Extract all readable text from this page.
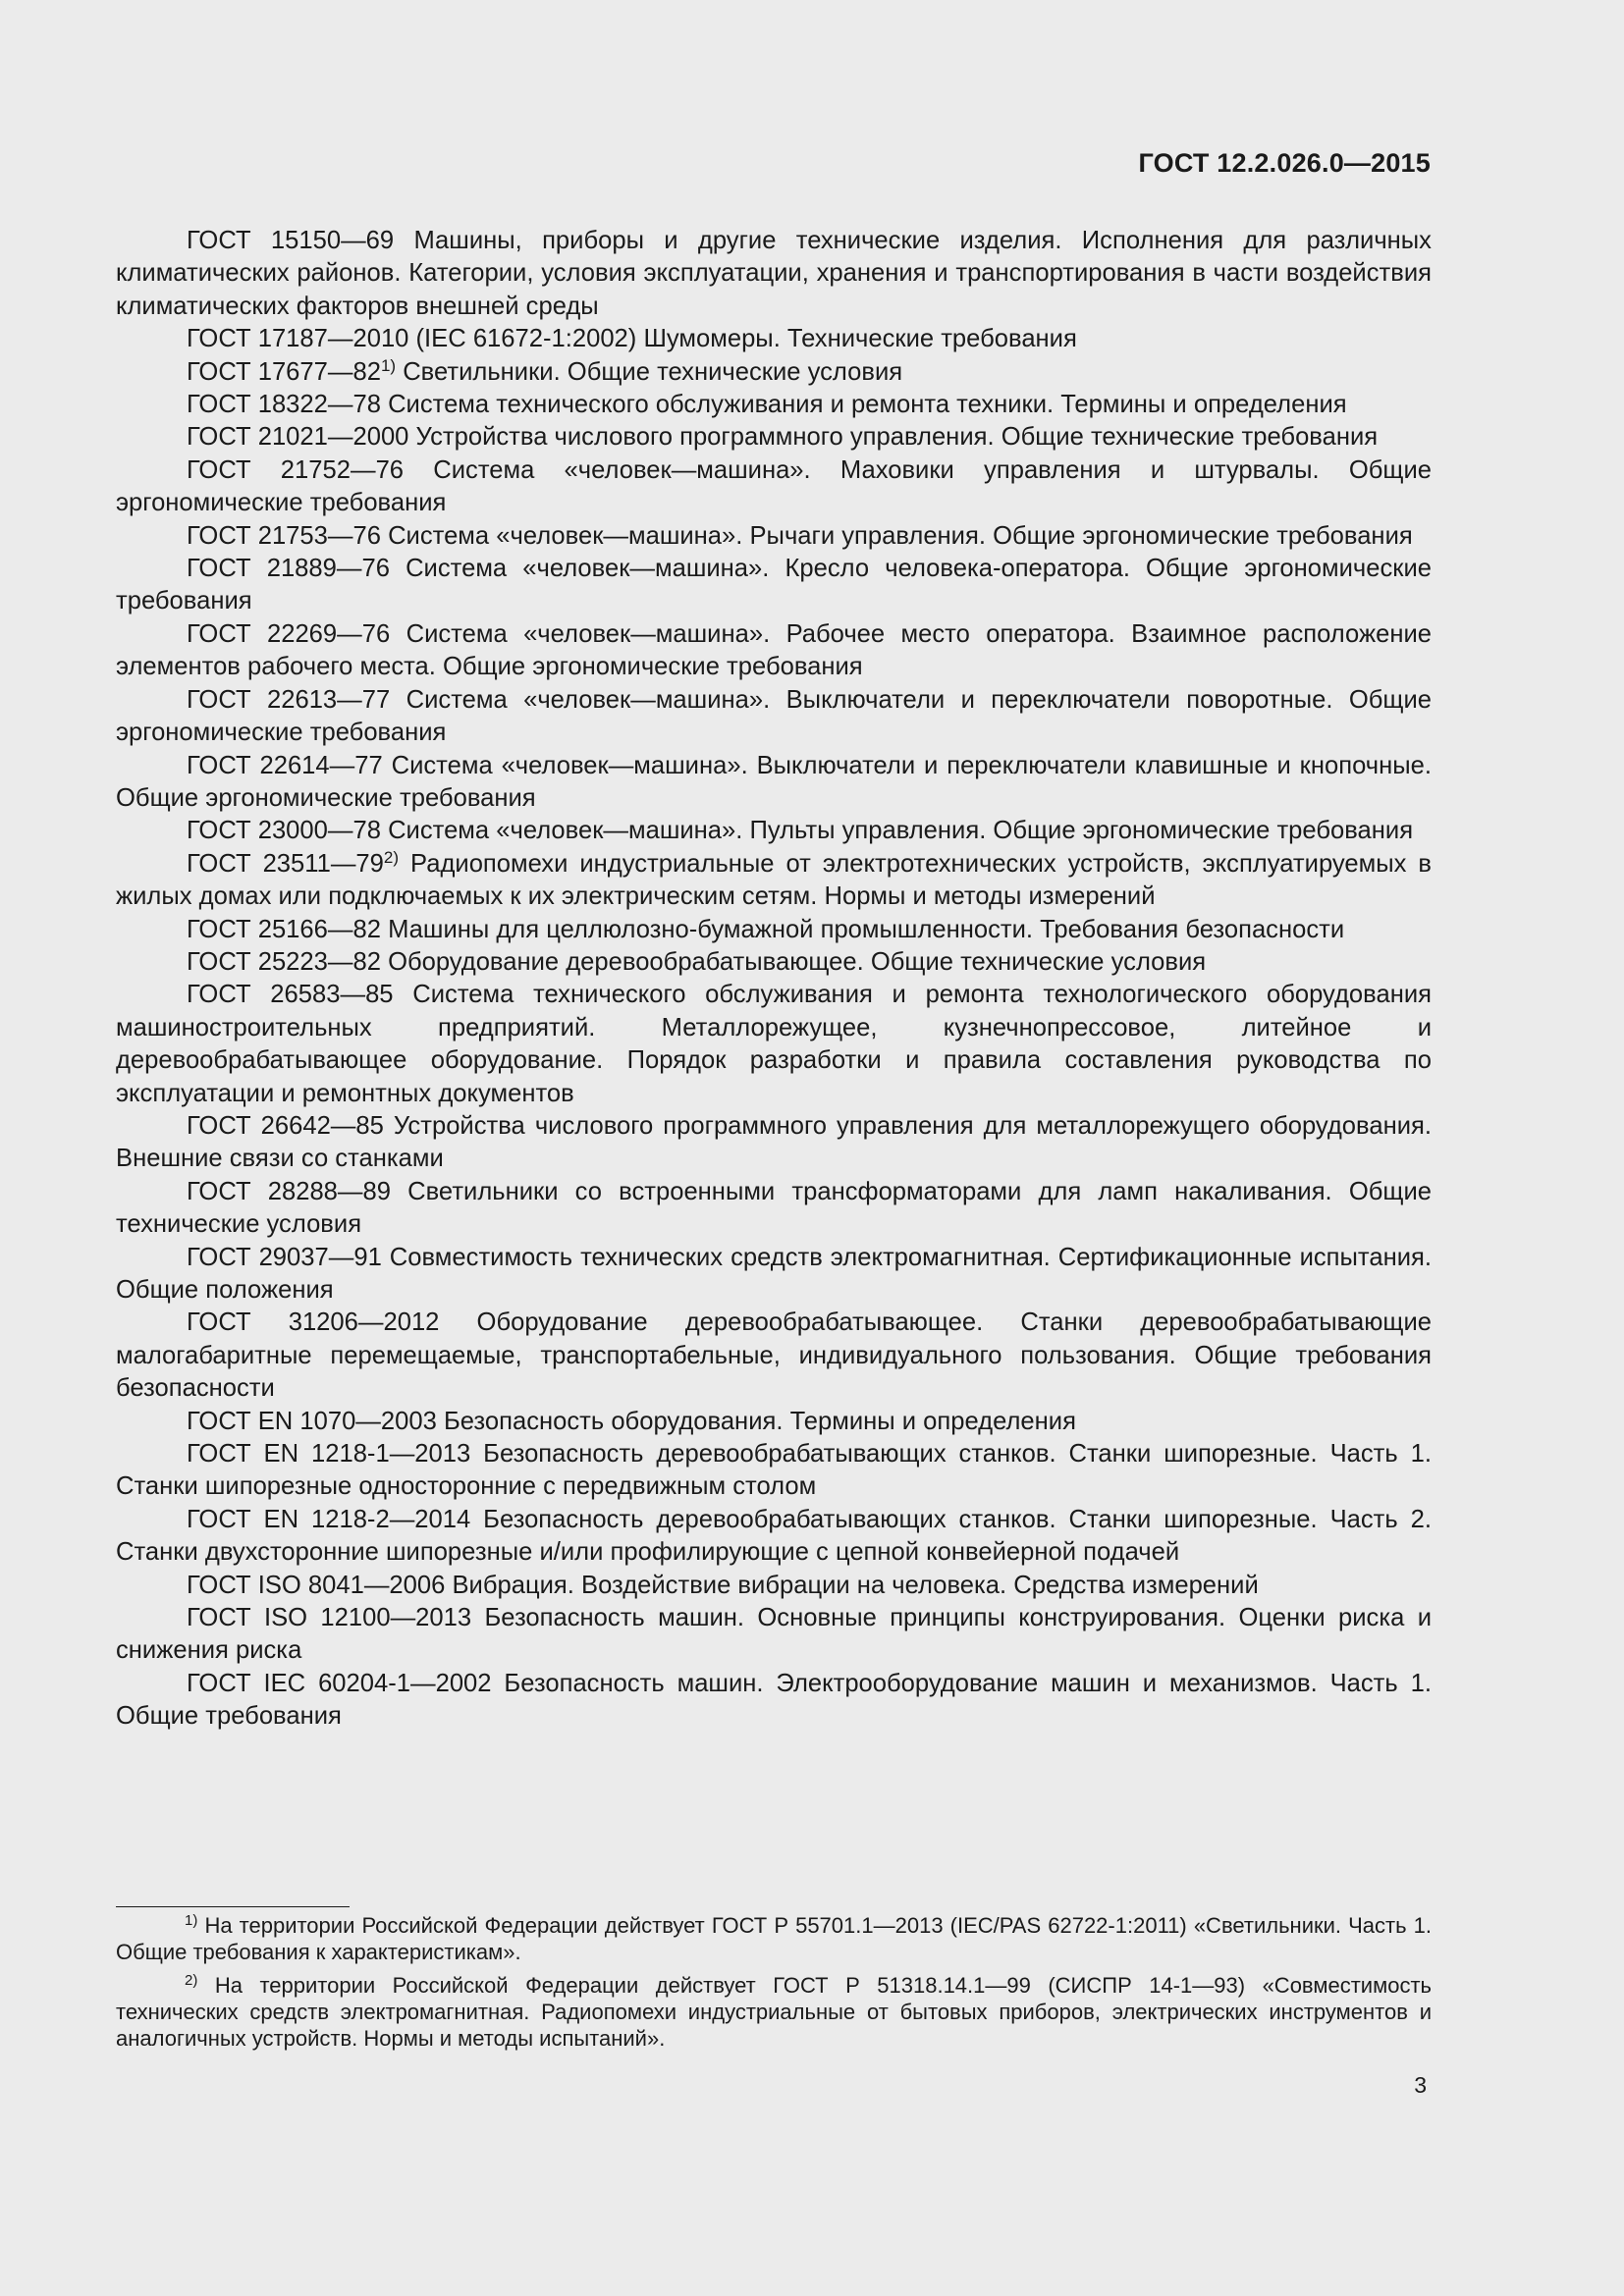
ГОСТ 12.2.026.0—2015

ГОСТ 15150—69 Машины, приборы и другие технические изделия. Исполнения для различных климатических районов. Категории, условия эксплуатации, хранения и транспортирования в части воздействия климатических факторов внешней среды

ГОСТ 17187—2010 (IEC 61672-1:2002) Шумомеры. Технические требования

ГОСТ 17677—82$^{1)}$ Светильники. Общие технические условия

ГОСТ 18322—78 Система технического обслуживания и ремонта техники. Термины и определения

ГОСТ 21021—2000 Устройства числового программного управления. Общие технические требования

ГОСТ 21752—76 Система «человек—машина». Маховики управления и штурвалы. Общие эргономические требования

ГОСТ 21753—76 Система «человек—машина». Рычаги управления. Общие эргономические требования

ГОСТ 21889—76 Система «человек—машина». Кресло человека-оператора. Общие эргономические требования

ГОСТ 22269—76 Система «человек—машина». Рабочее место оператора. Взаимное расположение элементов рабочего места. Общие эргономические требования

ГОСТ 22613—77 Система «человек—машина». Выключатели и переключатели поворотные. Общие эргономические требования

ГОСТ 22614—77 Система «человек—машина». Выключатели и переключатели клавишные и кнопочные. Общие эргономические требования

ГОСТ 23000—78 Система «человек—машина». Пульты управления. Общие эргономические требования

ГОСТ 23511—79$^{2)}$ Радиопомехи индустриальные от электротехнических устройств, эксплуатируемых в жилых домах или подключаемых к их электрическим сетям. Нормы и методы измерений

ГОСТ 25166—82 Машины для целлюлозно-бумажной промышленности. Требования безопасности

ГОСТ 25223—82 Оборудование деревообрабатывающее. Общие технические условия

ГОСТ 26583—85 Система технического обслуживания и ремонта технологического оборудования машиностроительных предприятий. Металлорежущее, кузнечнопрессовое, литейное и деревообрабатывающее оборудование. Порядок разработки и правила составления руководства по эксплуатации и ремонтных документов

ГОСТ 26642—85 Устройства числового программного управления для металлорежущего оборудования. Внешние связи со станками

ГОСТ 28288—89 Светильники со встроенными трансформаторами для ламп накаливания. Общие технические условия

ГОСТ 29037—91 Совместимость технических средств электромагнитная. Сертификационные испытания. Общие положения

ГОСТ 31206—2012 Оборудование деревообрабатывающее. Станки деревообрабатывающие малогабаритные перемещаемые, транспортабельные, индивидуального пользования. Общие требования безопасности

ГОСТ EN 1070—2003 Безопасность оборудования. Термины и определения

ГОСТ EN 1218-1—2013 Безопасность деревообрабатывающих станков. Станки шипорезные. Часть 1. Станки шипорезные односторонние с передвижным столом

ГОСТ EN 1218-2—2014 Безопасность деревообрабатывающих станков. Станки шипорезные. Часть 2. Станки двухсторонние шипорезные и/или профилирующие с цепной конвейерной подачей

ГОСТ ISO 8041—2006 Вибрация. Воздействие вибрации на человека. Средства измерений

ГОСТ ISO 12100—2013 Безопасность машин. Основные принципы конструирования. Оценки риска и снижения риска

ГОСТ IEC 60204-1—2002 Безопасность машин. Электрооборудование машин и механизмов. Часть 1. Общие требования

$^{1)}$ На территории Российской Федерации действует ГОСТ Р 55701.1—2013 (IEC/PAS 62722-1:2011) «Светильники. Часть 1. Общие требования к характеристикам».

$^{2)}$ На территории Российской Федерации действует ГОСТ Р 51318.14.1—99 (СИСПР 14-1—93) «Совместимость технических средств электромагнитная. Радиопомехи индустриальные от бытовых приборов, электрических инструментов и аналогичных устройств. Нормы и методы испытаний».

3
